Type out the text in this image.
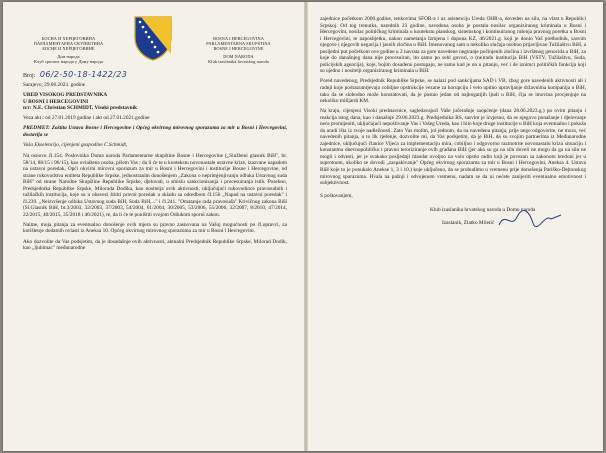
БОСНА И ХЕРЦЕГОВИНА
ПАРЛАМЕНТАРНА СКУПШТИНА
БОСНЕ И ХЕРЦЕГОВИНЕ
Дом народа
Клуб српског народа у Дому народа
BOSNA I HERCEGOVINA
PARLAMENTARNA SKUPŠTINA
BOSNE I HERCEGOVINE
DOM NARODA
Klub izaslanika hrvatskog naroda
Broj: 06/2-50-18-1422/23
Sarajevo, 29.06.2023. godine
URED VISOKOG PREDSTAVNIKA
U BOSNI I HERCEGOVINI
n/r: N.E. Christian SCHMIDT, Visoki predstavnik
Veza akt : od 27.01.2019 godine i akt od 27.01.2021.godine
PREDMET: Zaštita Ustava Bosne i Hercegovine i Općeg okvirnog mirovnog sporazuma za mir u Bosni i Hercegovini, dostavlja se
Vaša Ekselencijo, cijenjeni gospodine C.Schmidt,

Na osnovu čl.154. Poslovnika Doma naroda Parlamentarne skupštine Bosne i Hercegovine („Službeni glasnik BiH", br. 58/14, 88/15 i 96/15), kao ovlaštena osoba, pišem Vas ; da li će te u kontekstu novonastale ustavne krize, izazvane napadom na ustavni poredak, Opći okvirni mirovni sporazum za mir u Bosni i Hercegovini i institucije Bosne i Hercegovine, od strane rukovodstva entiteta Republike Srpske, jednostranim donošenjem „Zakona o neprimjenjivanju odluka Ustavnog suda BiH" od strane Narodne Skupštine Republike Srpske, djelovati, u smislu sankcionisanja i procesuiranja istih. Posebno, Predsjednika Republike Srpske, Milorada Dodika, kao nositelja ovih aktivnosti, uključujući rukovodioce pravosudnih i tužilačkih institucija, koje su u obavezi štititi pravni poredak u skladu sa odredbom čl.156 „Napad na ustavni poredak" i čl.239. „Neizvršenje odluka Ustavnog suda BiH, Suda BiH,..." i čl.241. "Omatanje rada pravosuđa" Krivičnog zakona BiH (Sl.Glasnik BiH, br.3/2003, 32/2003, 37/2003, 54/2004, 61/2004, 30/2005, 53/2006, 55/2006, 32/2007, 8/2010, 47/2014, 22/2015, 40/2015, 35/2018 i 46/2021), te, da li će te poništiti svojom Odlukom sporni zakon.

Naime, moja pitanja za eventualno donošenje ovih mjera su pravno zasnovana na Vašoj mogućnosti po čl.opravci, za korištenje dodatnih ovlasti iz Aneksa 10. Općeg okvirnog mirovnog sporazuma za mir u Bosni i Hercegovini.

Ako dozvolite da Vas podsjetim, da je dosadašnje ovih aktivnosti, aktualni Predsjednik Republike Srpske, Milorad Dodik, kao „ljubimac" međunarodne

zajednice početkom 2000.godine, tenkovima SFOR-a i uz asistenciju Ureda OHR-a, doveden na silu, na vlast u Republici Srpskoj. Od tog trenutka, narednih 23 godine, navedena osoba je postala nosilac organiziranog kriminala u Bosni i Hercegovini, nosilac političkog kriminala u kontekstu planskog, sistemskog i kontinuiranog rušenja pravnog poretka u Bosni i Hercegovini, te naposlijetku, nakon nametanja Izmjena i dopuna KZ, 46/2021.g. koji je donio Vaš prethodnik, sasvim njegove i njegovih negacija i jasnih zločina u BiH. Imenovanog sam u nekoliko slučaja osobno prijavljivao Tužilaštvu BiH, a posljedni put početkom ove godine u 2 navrata za gore navedene negiranje počinjenih zločina i izvršenog genocida u BiH, za koje do današnjeg dana nije procesuiran, ito samo po sebi govori, o (ne)radu institucija BiH (VSTV, Tužilaštvu, Suda, policijskih agencija), koje, bojim dosadeno postupaju, ne samo kad je on u pitanju, već i de iznimci političkih funkcija koji su ujedno i nositelji organiziranog kriminala u BiH.

Pored navedenog, Predsjednik Republike Srpske, se nalazi pod sankcijama SAD i VB, zbog gore navedenih aktivnosti ali i radnji koje podrazumijevaju cobiljne opstrukcije vezane za korupciju i velo upitno upravljanje državnima kompanija u BiH, tako da se slobodno može konstatovati, da je postao jedan od najbogatijih ljudi u BiH, čija se imovina procjenjuje na nekoliko milijardi KM.

Na kraju, cijenjeni Visoki predstavnice, sagledavajući Vaše jučerašnje saopćenje (dana 28.06.2023.g.) po ovim pitanju i reakcija istog dana, kao i današnje 29.06.2023.g. Predsjednika RS, sasvim je izvjesno, da se njegovo ponašanje i djelovanje neće promijeniti, uključujući nepoštivanje Vas i Vašeg Ureda, kao i bilo koje druge institucije u BiH koja eventualno i pokuša da uradi išta iz svoje nadležnosti. Zato Vas molim, jol jednom, da na navedena pitanja, prije nego odgovorite, ne mora, već navedenih pitanja, u to lik rješenje, dozvolite mi, da Vas podsjetim, da je BiH, da su svojim partnerima iz Međunarodne zajednice, uključujući članice Vijeća za implementaciju mira, cobiljno i odgovorno razmotrite novonastalu krizu situaciju i konstantno dnevnopolitičko i pravno teroriziranje ovih građana BiH (jer ako su ga na silu doveli ne mogu da ga na silu ne mogli i odvesti, jer je svakako posljednji mandat ovoljno na volo opstio radin koji je povezan sa zakonom kredoni jer u suprotnom, ukoliko se dovodi „zaspakivanje" Općeg okvirnog sporazuma za mir u Bosni i Hercegovini, Aneksa 4. Ustava BiH koje to je ponukalo Anekse 1, 3 i 10.) koje uključeno, da se probudimo u vremenu prije donošenja Pariško-Dejtonskog mirovnog sporazuma. Hvala na pažnji i odvojenom vremenu, nadam se da ni nećete zanijeriti eventualno emotivnost i subjektivnost.

S poštovanjem,
Klub izaslanika hrvatskog naroda u Domu naroda
Izaslanik, Zlatko Miletić
